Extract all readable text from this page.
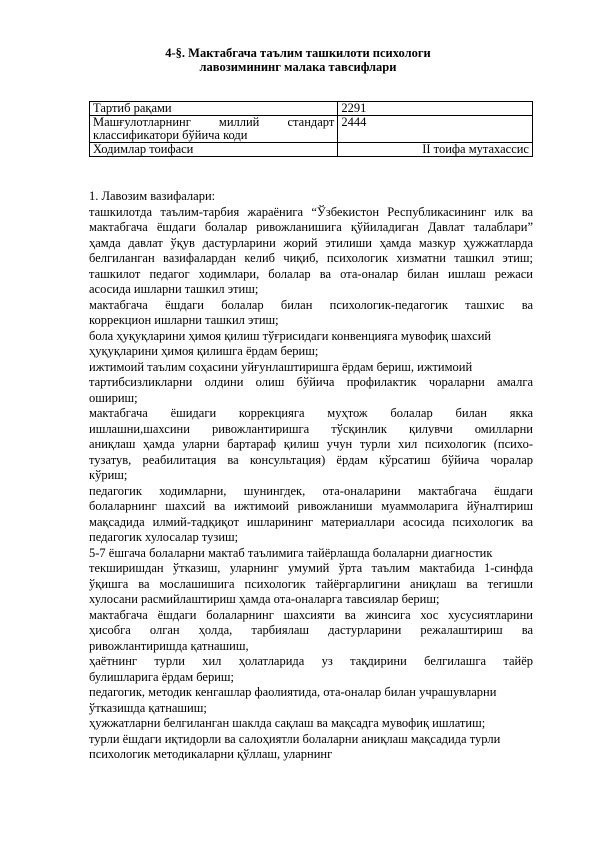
4-§. Мактабгача таълим ташкилоти психологи
лавозимининг малака тавсифлари
Тартиб рақами	2291

Машғулотларнинг миллий стандарт
классификатори бўйича коди	2444
Ходимлар тоифаси	II тоифа мутахассис

1. Лавозим вазифалари:

ташкилотда таълим-тарбия жараёнига “Ўзбекистон Республикасининг илк ва

мактабгача ёшдаги болалар ривожланишига қўйиладиган Давлат талаблари”

ҳамда давлат ўқув дастурларини жорий этилиши ҳамда мазкур ҳужжатларда

белгиланган вазифалардан келиб чиқиб, психологик хизматни ташкил этиш;

ташкилот педагог ходимлари, болалар ва ота-оналар билан ишлаш режаси

асосида ишларни ташкил этиш;

мактабгача ёшдаги болалар билан психологик-педагогик ташхис ва

коррекцион ишларни ташкил этиш;

бола ҳуқуқларини ҳимоя қилиш тўғрисидаги конвенцияга мувофиқ шахсий

ҳуқуқларини ҳимоя қилишга ёрдам бериш;

ижтимоий таълим соҳасини уйғунлаштиришга ёрдам бериш, ижтимоий

тартибсизликларни олдини олиш бўйича профилактик чораларни амалга

ошириш;

мактабгача ёшидаги коррекцияга муҳтож болалар билан якка

ишлашни,шахсини ривожлантиришга тўсқинлик қилувчи омилларни

аниқлаш ҳамда уларни бартараф қилиш учун турли хил психологик (психо-

тузатув, реабилитация ва консультация) ёрдам кўрсатиш бўйича чоралар

кўриш;

педагогик ходимларни, шунингдек, ота-оналарини мактабгача ёшдаги

болаларнинг шахсий ва ижтимоий ривожланиши муаммоларига йўналтириш

мақсадида илмий-тадқиқот ишларининг материаллари асосида психологик ва

педагогик хулосалар тузиш;

5-7 ёшгача болаларни мактаб таълимига тайёрлашда болаларни диагностик

текширишдан ўтказиш, уларнинг умумий ўрта таълим мактабида 1-синфда

ўқишга ва мослашишига психологик тайёргарлигини аниқлаш ва тегишли

хулосани расмийлаштириш ҳамда ота-оналарга тавсиялар бериш;

мактабгача ёшдаги болаларнинг шахсияти ва жинсига хос хусусиятларини

ҳисобга олган ҳолда, тарбиялаш дастурларини режалаштириш ва

ривожлантиришда қатнашиш,

ҳаётнинг турли хил ҳолатларида уз тақдирини белгилашга тайёр

булишларига ёрдам бериш;

педагогик, методик кенгашлар фаолиятида, ота-оналар билан учрашувларни

ўтказишда қатнашиш;

ҳужжатларни белгиланган шаклда сақлаш ва мақсадга мувофиқ ишлатиш;

турли ёшдаги иқтидорли ва салоҳиятли болаларни аниқлаш мақсадида турли

психологик методикаларни қўллаш, уларнинг
